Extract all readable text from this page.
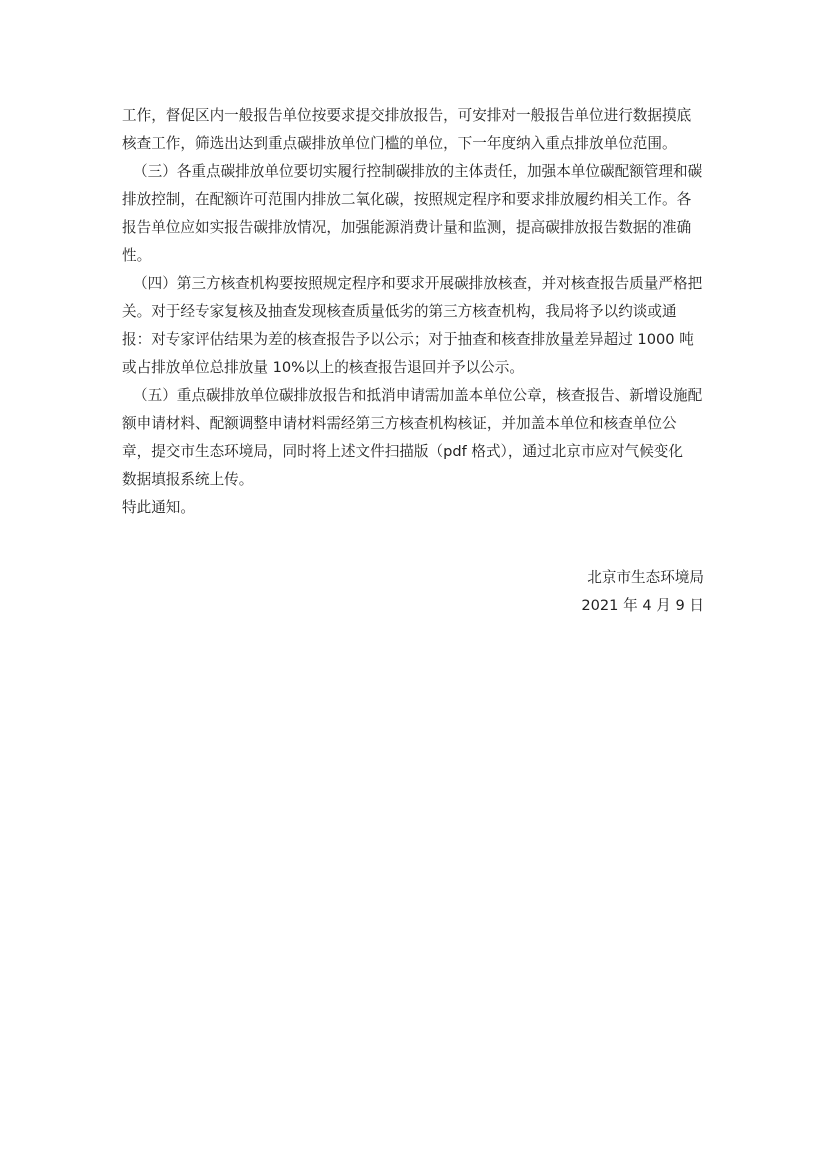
工作，督促区内一般报告单位按要求提交排放报告，可安排对一般报告单位进行数据摸底
核查工作，筛选出达到重点碳排放单位门槛的单位，下一年度纳入重点排放单位范围。
（三）各重点碳排放单位要切实履行控制碳排放的主体责任，加强本单位碳配额管理和碳
排放控制，在配额许可范围内排放二氧化碳，按照规定程序和要求排放履约相关工作。各
报告单位应如实报告碳排放情况，加强能源消费计量和监测，提高碳排放报告数据的准确
性。
（四）第三方核查机构要按照规定程序和要求开展碳排放核查，并对核查报告质量严格把
关。对于经专家复核及抽查发现核查质量低劣的第三方核查机构，我局将予以约谈或通
报：对专家评估结果为差的核查报告予以公示；对于抽查和核查排放量差异超过 1000 吨
或占排放单位总排放量 10%以上的核查报告退回并予以公示。
（五）重点碳排放单位碳排放报告和抵消申请需加盖本单位公章，核查报告、新增设施配
额申请材料、配额调整申请材料需经第三方核查机构核证，并加盖本单位和核查单位公
章，提交市生态环境局，同时将上述文件扫描版（pdf 格式），通过北京市应对气候变化
数据填报系统上传。
特此通知。
北京市生态环境局
2021 年 4 月 9 日
